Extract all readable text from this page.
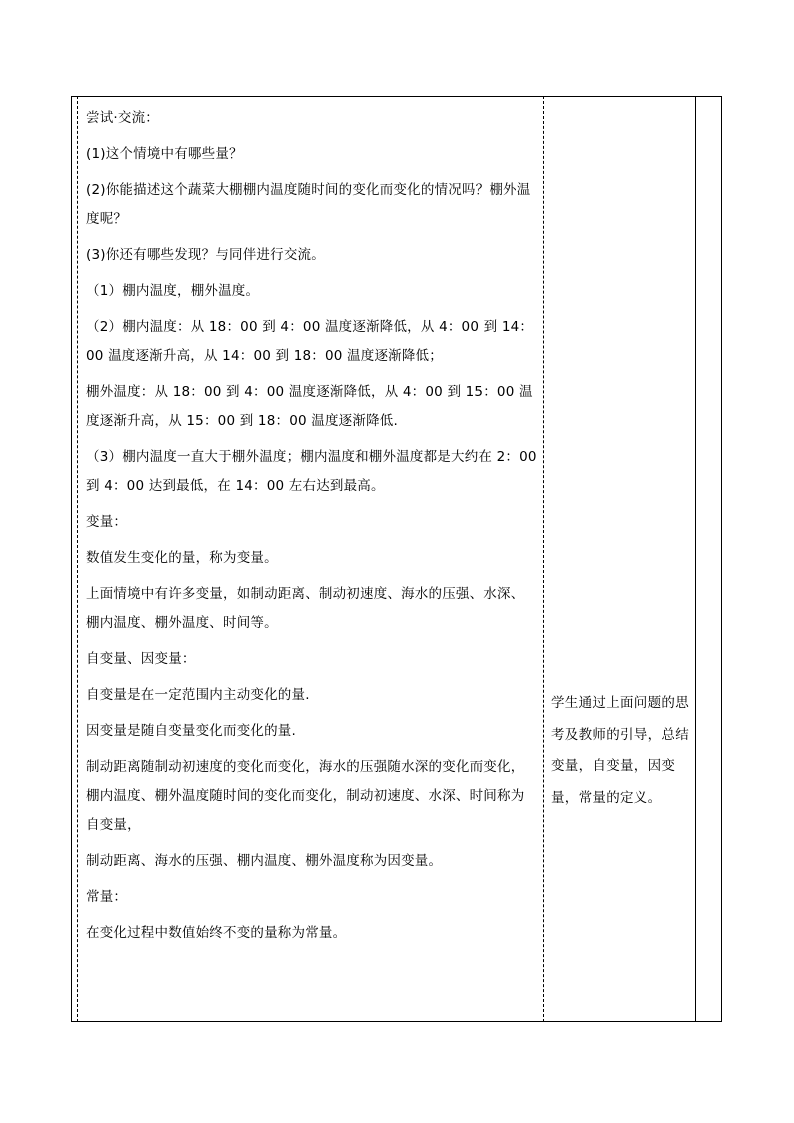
尝试·交流：

(1)这个情境中有哪些量？

(2)你能描述这个蔬菜大棚棚内温度随时间的变化而变化的情况吗？棚外温度呢？

(3)你还有哪些发现？与同伴进行交流。

（1）棚内温度，棚外温度。

（2）棚内温度：从 18：00 到 4：00 温度逐渐降低，从 4：00 到 14：00 温度逐渐升高，从 14：00 到 18：00 温度逐渐降低；

棚外温度：从 18：00 到 4：00 温度逐渐降低，从 4：00 到 15：00 温度逐渐升高，从 15：00 到 18：00 温度逐渐降低.

（3）棚内温度一直大于棚外温度；棚内温度和棚外温度都是大约在 2：00 到 4：00 达到最低，在 14：00 左右达到最高。

变量：

数值发生变化的量，称为变量。

上面情境中有许多变量，如制动距离、制动初速度、海水的压强、水深、棚内温度、棚外温度、时间等。

自变量、因变量：

自变量是在一定范围内主动变化的量.

因变量是随自变量变化而变化的量.

制动距离随制动初速度的变化而变化，海水的压强随水深的变化而变化，棚内温度、棚外温度随时间的变化而变化，制动初速度、水深、时间称为自变量，

制动距离、海水的压强、棚内温度、棚外温度称为因变量。

常量：

在变化过程中数值始终不变的量称为常量。

学生通过上面问题的思考及教师的引导，总结变量，自变量，因变量，常量的定义。
